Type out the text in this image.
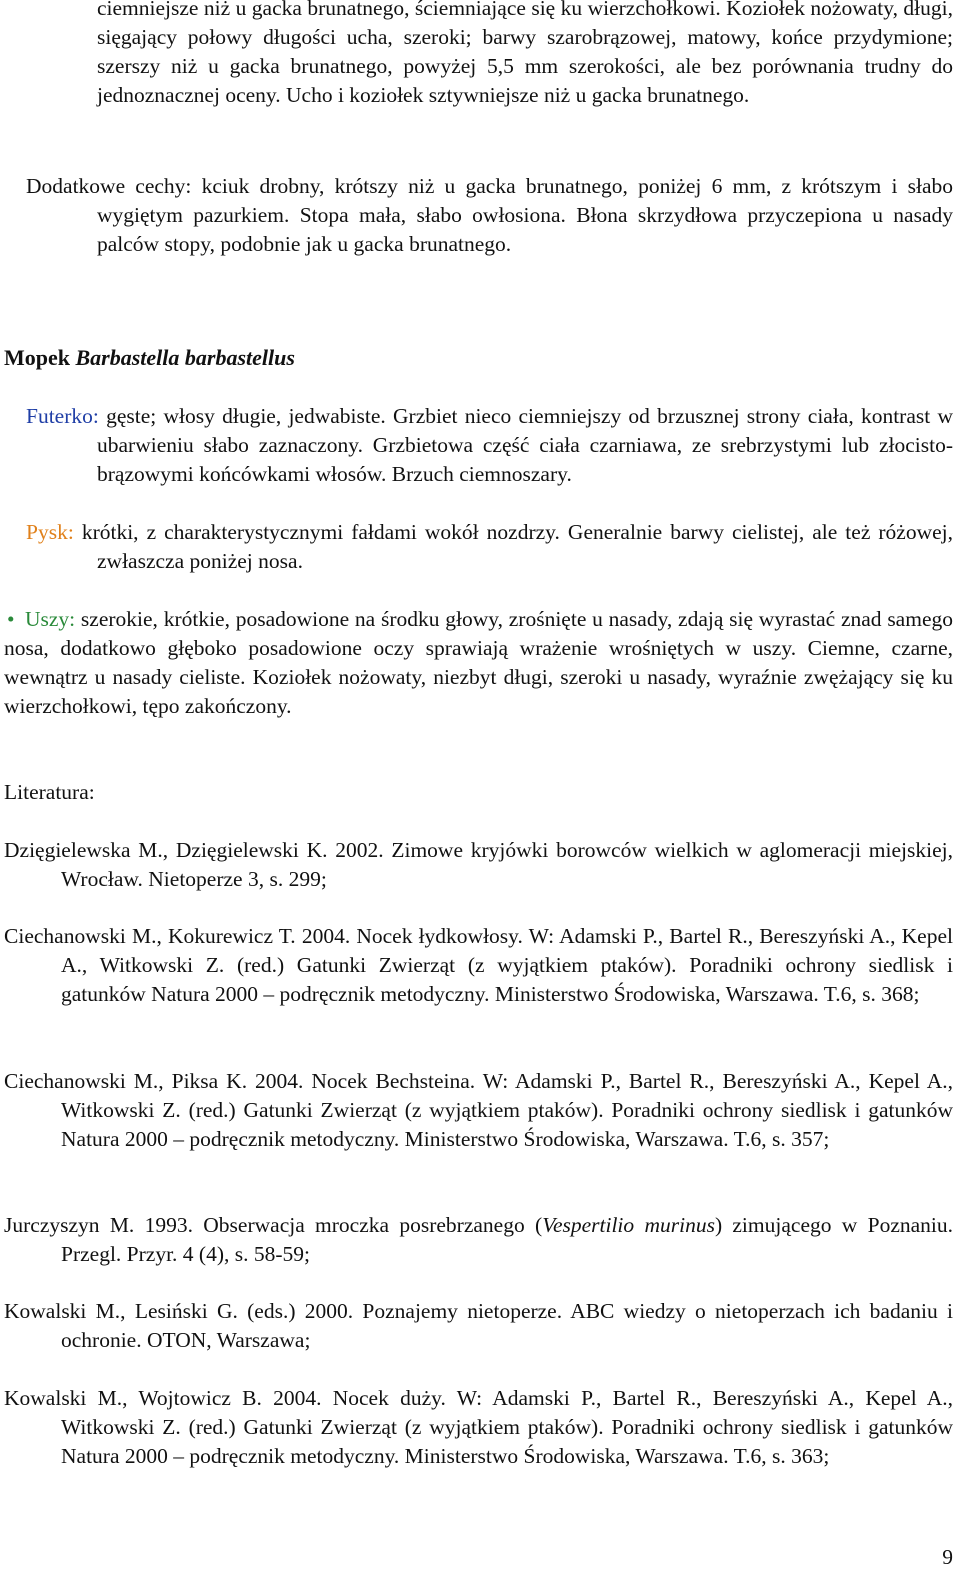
ciemniejsze niż u gacka brunatnego, ściemniające się ku wierzchołkowi. Koziołek nożowaty, długi, sięgający połowy długości ucha, szeroki; barwy szarobrązowej, matowy, końce przydymione; szerszy niż u gacka brunatnego, powyżej 5,5 mm szerokości, ale bez porównania trudny do jednoznacznej oceny. Ucho i koziołek sztywniejsze niż u gacka brunatnego.

Dodatkowe cechy: kciuk drobny, krótszy niż u gacka brunatnego, poniżej 6 mm, z krótszym i słabo wygiętym pazurkiem. Stopa mała, słabo owłosiona. Błona skrzydłowa przyczepiona u nasady palców stopy, podobnie jak u gacka brunatnego.

Mopek Barbastella barbastellus

Futerko: gęste; włosy długie, jedwabiste. Grzbiet nieco ciemniejszy od brzusznej strony ciała, kontrast w ubarwieniu słabo zaznaczony. Grzbietowa część ciała czarniawa, ze srebrzystymi lub złocisto-brązowymi końcówkami włosów. Brzuch ciemnoszary.

Pysk: krótki, z charakterystycznymi fałdami wokół nozdrzy. Generalnie barwy cielistej, ale też różowej, zwłaszcza poniżej nosa.

• Uszy: szerokie, krótkie, posadowione na środku głowy, zrośnięte u nasady, zdają się wyrastać znad samego nosa, dodatkowo głęboko posadowione oczy sprawiają wrażenie wrośniętych w uszy. Ciemne, czarne, wewnątrz u nasady cieliste. Koziołek nożowaty, niezbyt długi, szeroki u nasady, wyraźnie zwężający się ku wierzchołkowi, tępo zakończony.

Literatura:

Dzięgielewska M., Dzięgielewski K. 2002. Zimowe kryjówki borowców wielkich w aglomeracji miejskiej, Wrocław. Nietoperze 3, s. 299;

Ciechanowski M., Kokurewicz T. 2004. Nocek łydkowłosy. W: Adamski P., Bartel R., Bereszyński A., Kepel A., Witkowski Z. (red.) Gatunki Zwierząt (z wyjątkiem ptaków). Poradniki ochrony siedlisk i gatunków Natura 2000 – podręcznik metodyczny. Ministerstwo Środowiska, Warszawa. T.6, s. 368;

Ciechanowski M., Piksa K. 2004. Nocek Bechsteina. W: Adamski P., Bartel R., Bereszyński A., Kepel A., Witkowski Z. (red.) Gatunki Zwierząt (z wyjątkiem ptaków). Poradniki ochrony siedlisk i gatunków Natura 2000 – podręcznik metodyczny. Ministerstwo Środowiska, Warszawa. T.6, s. 357;

Jurczyszyn M. 1993. Obserwacja mroczka posrebrzanego (Vespertilio murinus) zimującego w Poznaniu. Przegl. Przyr. 4 (4), s. 58-59;

Kowalski M., Lesiński G. (eds.) 2000. Poznajemy nietoperze. ABC wiedzy o nietoperzach ich badaniu i ochronie. OTON, Warszawa;

Kowalski M., Wojtowicz B. 2004. Nocek duży. W: Adamski P., Bartel R., Bereszyński A., Kepel A., Witkowski Z. (red.) Gatunki Zwierząt (z wyjątkiem ptaków). Poradniki ochrony siedlisk i gatunków Natura 2000 – podręcznik metodyczny. Ministerstwo Środowiska, Warszawa. T.6, s. 363;

9
